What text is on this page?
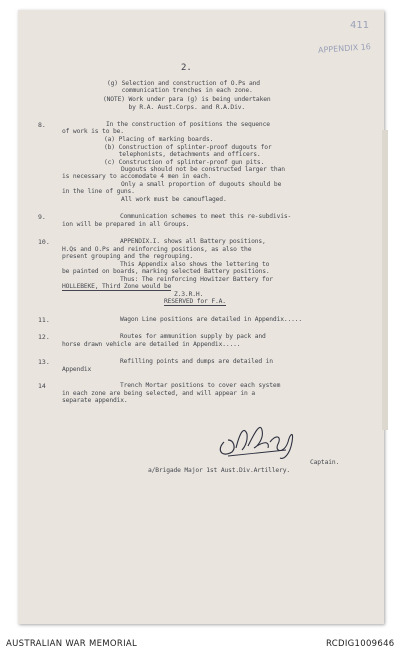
411
APPENDIX 16
2.
(g) Selection and construction of O.Ps and
communication trenches in each zone.
(NOTE) Work under para (g) is being undertaken
by R.A. Aust.Corps. and R.A.Div.
8.	In the construction of positions the sequence
of work is to be.
(a) Placing of marking boards.
(b) Construction of splinter-proof dugouts for
telephonists, detachments and officers.
(c) Construction of splinter-proof gun pits.
Dugouts should not be constructed larger than
is necessary to accomodate 4 men in each.
Only a small proportion of dugouts should be
in the line of guns.
All work must be camouflaged.
9.	Communication schemes to meet this re-subdivis-
ion will be prepared in all Groups.
10.	APPENDIX.I. shows all Battery positions,
H.Qs and O.Ps and reinforcing positions, as also the
present grouping and the regrouping.
This Appendix also shows the lettering to
be painted on boards, marking selected Battery positions.
Thus: The reinforcing Howitzer Battery for
HOLLEBEKE, Third Zone would be
Z.3.R.H.
RESERVED for F.A.
11.	Wagon Line positions are detailed in Appendix.....
12.	Routes for ammunition supply by pack and
horse drawn vehicle are detailed in Appendix.....
13.	Refilling points and dumps are detailed in
Appendix
14	Trench Mortar positions to cover each system
in each zone are being selected, and will appear in a
separate appendix.
Captain.
a/Brigade Major 1st Aust.Div.Artillery.
AUSTRALIAN WAR MEMORIAL	RCDIG1009646
